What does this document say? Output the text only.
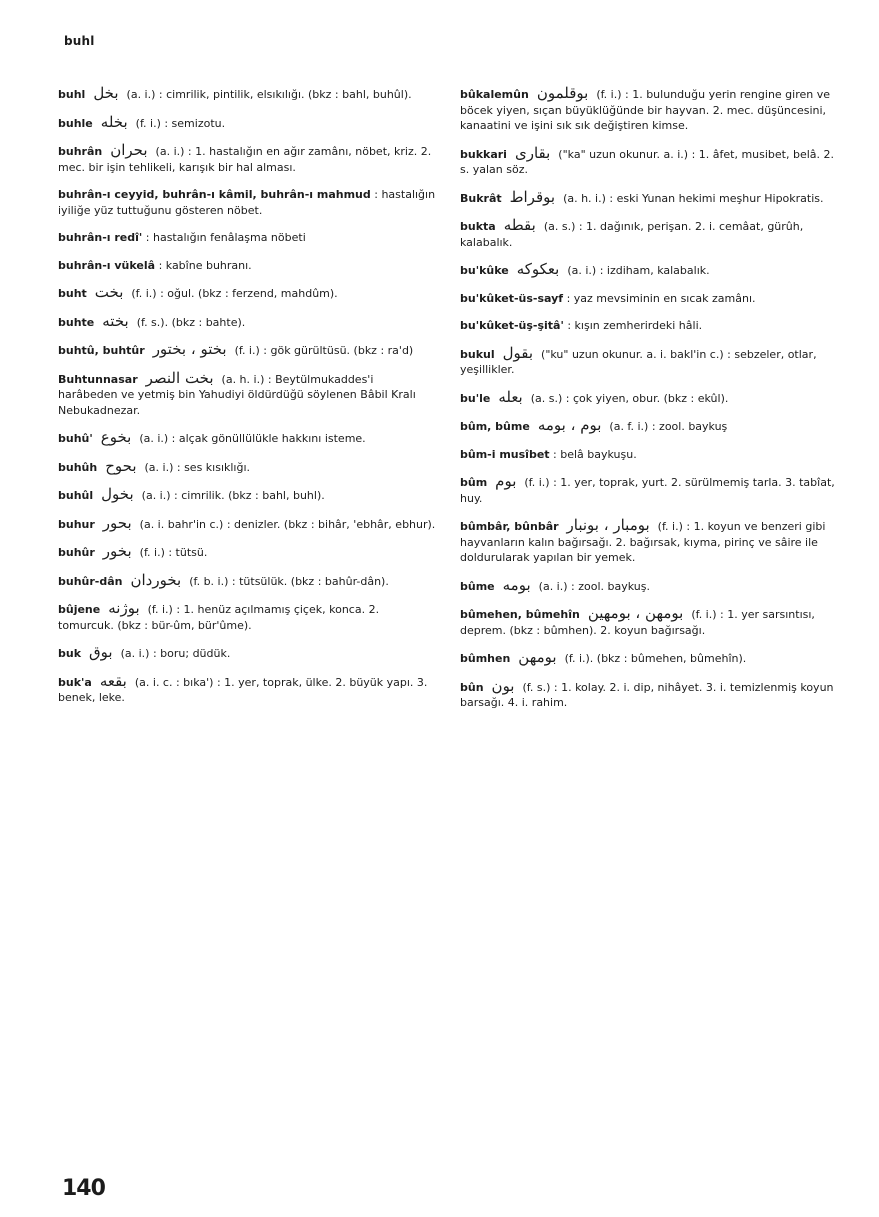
buhl

buhl بخل (a. i.) : cimrilik, pintilik, elsıkılığı. (bkz : bahl, buhûl).

buhle بخله (f. i.) : semizotu.

buhrân بحران (a. i.) : 1. hastalığın en ağır zamânı, nöbet, kriz. 2. mec. bir işin tehlikeli, karışık bir hal alması.

buhrân-ı ceyyid, buhrân-ı kâmil, buhrân-ı mahmud : hastalığın iyiliğe yüz tuttuğunu gösteren nöbet.

buhrân-ı redî' : hastalığın fenâlaşma nöbeti

buhrân-ı vükelâ : kabîne buhranı.

buht بخت (f. i.) : oğul. (bkz : ferzend, mahdûm).

buhte بخته (f. s.). (bkz : bahte).

buhtû, buhtûr بختو ، بختور (f. i.) : gök gürültüsü. (bkz : ra'd)

Buhtunnasar بخت النصر (a. h. i.) : Beytülmukaddes'i harâbeden ve yetmiş bin Yahudiyi öldürdüğü söylenen Bâbil Kralı Nebukadnezar.

buhû' بخوع (a. i.) : alçak gönüllülükle hakkını isteme.

buhûh بحوح (a. i.) : ses kısıklığı.

buhûl بخول (a. i.) : cimrilik. (bkz : bahl, buhl).

buhur بحور (a. i. bahr'in c.) : denizler. (bkz : bihâr, 'ebhâr, ebhur).

buhûr بخور (f. i.) : tütsü.

buhûr-dân بخوردان (f. b. i.) : tütsülük. (bkz : bahûr-dân).

bûjene بوژنه (f. i.) : 1. henüz açılmamış çiçek, konca. 2. tomurcuk. (bkz : bür-ûm, bür'ûme).

buk بوق (a. i.) : boru; düdük.

buk'a بقعه (a. i. c. : bıka') : 1. yer, toprak, ülke. 2. büyük yapı. 3. benek, leke.

bûkalemûn بوقلمون (f. i.) : 1. bulunduğu yerin rengine giren ve böcek yiyen, sıçan büyüklüğünde bir hayvan. 2. mec. düşüncesini, kanaatini ve işini sık sık değiştiren kimse.

bukkari بقاری ("ka" uzun okunur. a. i.) : 1. âfet, musibet, belâ. 2. s. yalan söz.

Bukrât بوقراط (a. h. i.) : eski Yunan hekimi meşhur Hipokratis.

bukta بقطه (a. s.) : 1. dağınık, perişan. 2. i. cemâat, gürûh, kalabalık.

bu'kûke بعکوکه (a. i.) : izdiham, kalabalık.

bu'kûket-üs-sayf : yaz mevsiminin en sıcak zamânı.

bu'kûket-üş-şitâ' : kışın zemherirdeki hâli.

bukul بقول ("ku" uzun okunur. a. i. bakl'in c.) : sebzeler, otlar, yeşillikler.

bu'le بعله (a. s.) : çok yiyen, obur. (bkz : ekûl).

bûm, bûme بوم ، بومه (a. f. i.) : zool. baykuş

bûm-i musîbet : belâ baykuşu.

bûm بوم (f. i.) : 1. yer, toprak, yurt. 2. sürülmemiş tarla. 3. tabîat, huy.

bûmbâr, bûnbâr بومبار ، بونبار (f. i.) : 1. koyun ve benzeri gibi hayvanların kalın bağırsağı. 2. bağırsak, kıyma, pirinç ve sâire ile doldurularak yapılan bir yemek.

bûme بومه (a. i.) : zool. baykuş.

bûmehen, bûmehîn بومهن ، بومهین (f. i.) : 1. yer sarsıntısı, deprem. (bkz : bûmhen). 2. koyun bağırsağı.

bûmhen بومهن (f. i.). (bkz : bûmehen, bûmehîn).

bûn بون (f. s.) : 1. kolay. 2. i. dip, nihâyet. 3. i. temizlenmiş koyun barsağı. 4. i. rahim.

140
